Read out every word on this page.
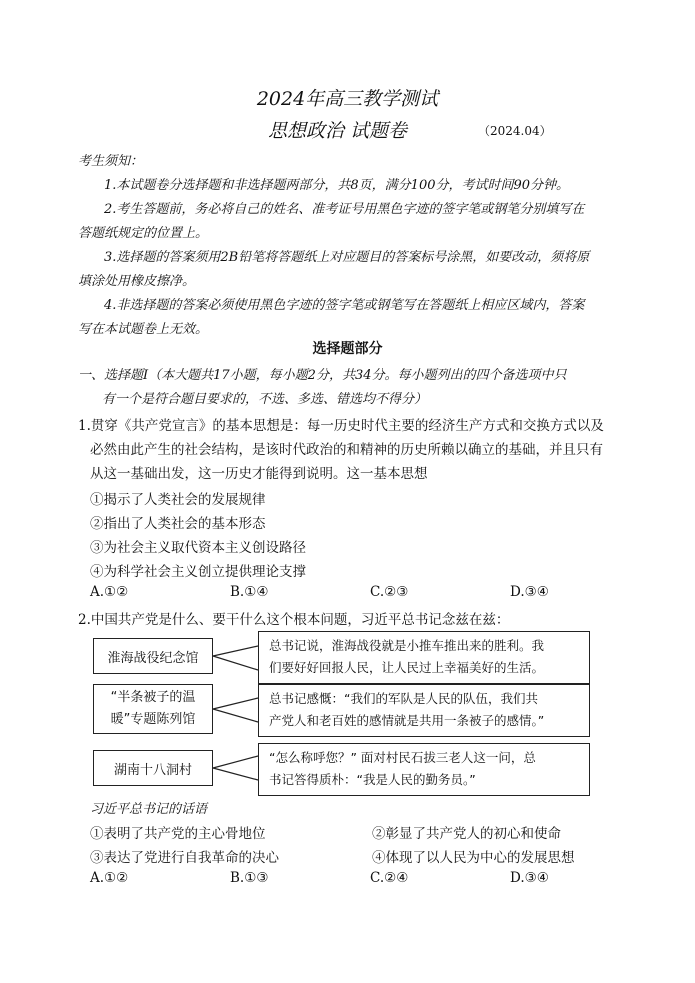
2024年高三教学测试
思想政治 试题卷	（2024.04）
考生须知：
1.本试题卷分选择题和非选择题两部分，共8页，满分100分，考试时间90分钟。
2.考生答题前，务必将自己的姓名、准考证号用黑色字迹的签字笔或钢笔分别填写在
答题纸规定的位置上。
3.选择题的答案须用2B铅笔将答题纸上对应题目的答案标号涂黑，如要改动，须将原
填涂处用橡皮擦净。
4.非选择题的答案必须使用黑色字迹的签字笔或钢笔写在答题纸上相应区域内，答案
写在本试题卷上无效。
选择题部分
一、选择题Ⅰ（本大题共17小题，每小题2分，共34分。每小题列出的四个备选项中只
有一个是符合题目要求的，不选、多选、错选均不得分）
1.贯穿《共产党宣言》的基本思想是：每一历史时代主要的经济生产方式和交换方式以及
必然由此产生的社会结构，是该时代政治的和精神的历史所赖以确立的基础，并且只有
从这一基础出发，这一历史才能得到说明。这一基本思想
①揭示了人类社会的发展规律
②指出了人类社会的基本形态
③为社会主义取代资本主义创设路径
④为科学社会主义创立提供理论支撑
A.①②	B.①④	C.②③	D.③④
2.中国共产党是什么、要干什么这个根本问题，习近平总书记念兹在兹：
淮海战役纪念馆
“半条被子的温
暖”专题陈列馆
湖南十八洞村
总书记说，淮海战役就是小推车推出来的胜利。我
们要好好回报人民，让人民过上幸福美好的生活。
总书记感慨：“我们的军队是人民的队伍，我们共
产党人和老百姓的感情就是共用一条被子的感情。”
“怎么称呼您？” 面对村民石拔三老人这一问，总
书记答得质朴：“我是人民的勤务员。”
习近平总书记的话语
①表明了共产党的主心骨地位	②彰显了共产党人的初心和使命
③表达了党进行自我革命的决心	④体现了以人民为中心的发展思想
A.①②	B.①③	C.②④	D.③④
